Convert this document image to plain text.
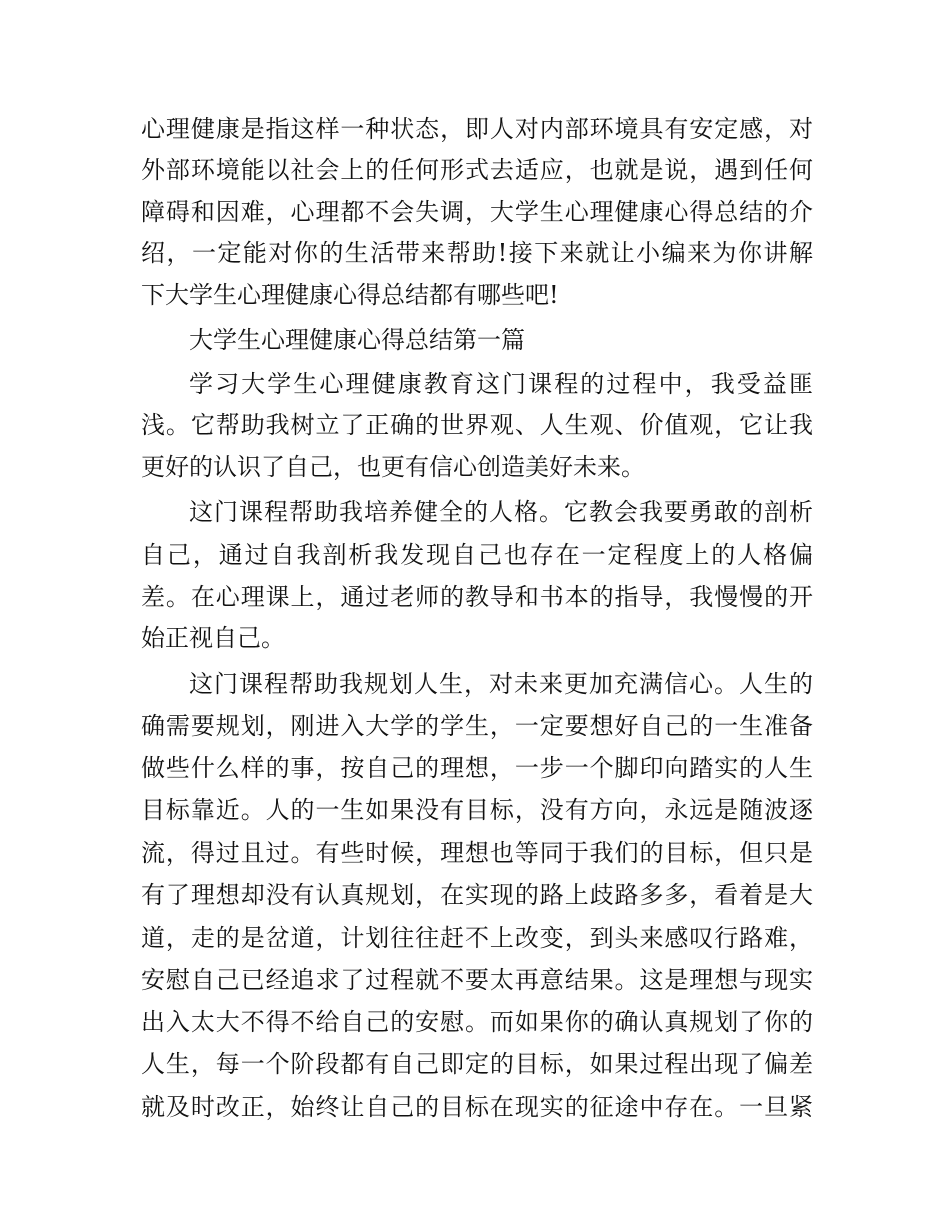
心理健康是指这样一种状态，即人对内部环境具有安定感，对
外部环境能以社会上的任何形式去适应，也就是说，遇到任何
障碍和因难，心理都不会失调，大学生心理健康心得总结的介
绍，一定能对你的生活带来帮助!接下来就让小编来为你讲解
下大学生心理健康心得总结都有哪些吧!
大学生心理健康心得总结第一篇
学习大学生心理健康教育这门课程的过程中，我受益匪
浅。它帮助我树立了正确的世界观、人生观、价值观，它让我
更好的认识了自己，也更有信心创造美好未来。
这门课程帮助我培养健全的人格。它教会我要勇敢的剖析
自己，通过自我剖析我发现自己也存在一定程度上的人格偏
差。在心理课上，通过老师的教导和书本的指导，我慢慢的开
始正视自己。
这门课程帮助我规划人生，对未来更加充满信心。人生的
确需要规划，刚进入大学的学生，一定要想好自己的一生准备
做些什么样的事，按自己的理想，一步一个脚印向踏实的人生
目标靠近。人的一生如果没有目标，没有方向，永远是随波逐
流，得过且过。有些时候，理想也等同于我们的目标，但只是
有了理想却没有认真规划，在实现的路上歧路多多，看着是大
道，走的是岔道，计划往往赶不上改变，到头来感叹行路难，
安慰自己已经追求了过程就不要太再意结果。这是理想与现实
出入太大不得不给自己的安慰。而如果你的确认真规划了你的
人生，每一个阶段都有自己即定的目标，如果过程出现了偏差
就及时改正，始终让自己的目标在现实的征途中存在。一旦紧
